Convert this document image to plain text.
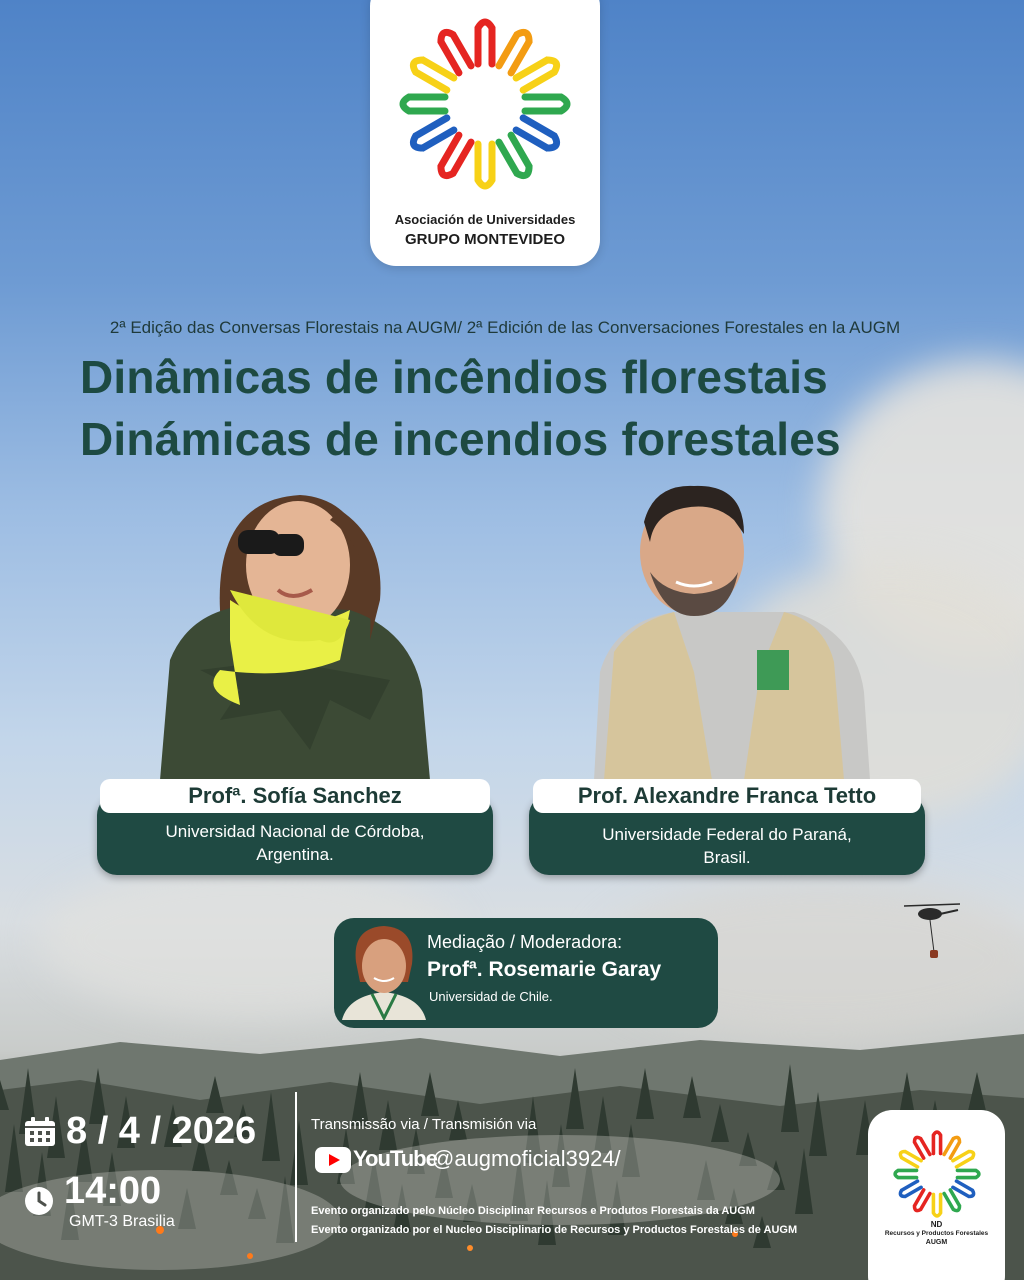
Asociación de Universidades
GRUPO MONTEVIDEO
2ª Edição das Conversas Florestais na AUGM/ 2ª Edición de las Conversaciones Forestales en la AUGM
Dinâmicas de incêndios florestais
Dinámicas de incendios forestales
Universidad Nacional de Córdoba,
Argentina.
Profª. Sofía Sanchez
Universidade Federal do Paraná,
Brasil.
Prof. Alexandre Franca Tetto
Mediação / Moderadora:
Profª. Rosemarie Garay
Universidad de Chile.
8 / 4 / 2026
14:00
GMT-3 Brasilia
Transmissão via / Transmisión via
YouTube
@augmoficial3924/
Evento organizado pelo Núcleo Disciplinar Recursos e Produtos Florestais da AUGM
Evento organizado por el Nucleo Disciplinario de Recursos y Productos Forestales de AUGM	ND
Recursos y Productos Forestales
AUGM
